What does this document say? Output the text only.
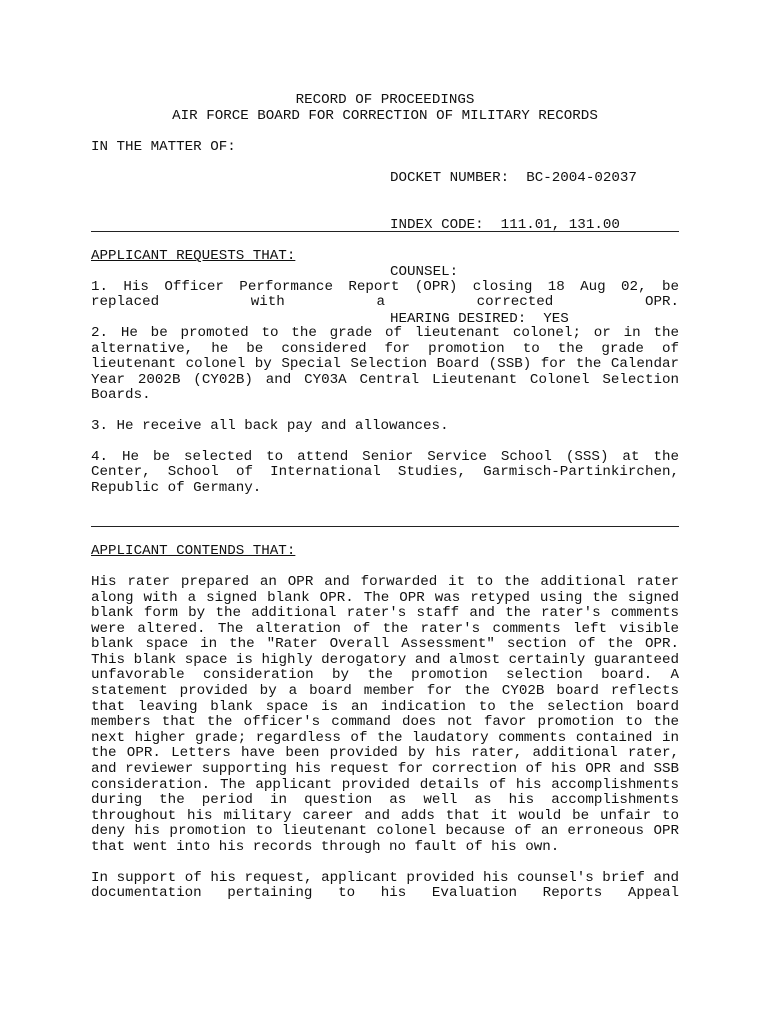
RECORD OF PROCEEDINGS
AIR FORCE BOARD FOR CORRECTION OF MILITARY RECORDS
IN THE MATTER OF:

DOCKET NUMBER:  BC-2004-02037

INDEX CODE:  111.01, 131.00

COUNSEL:

HEARING DESIRED:  YES

APPLICANT REQUESTS THAT:

1. His Officer Performance Report (OPR) closing 18 Aug 02, be replaced with a corrected OPR.

2. He be promoted to the grade of lieutenant colonel; or in the alternative, he be considered for promotion to the grade of lieutenant colonel by Special Selection Board (SSB) for the Calendar Year 2002B (CY02B) and CY03A Central Lieutenant Colonel Selection Boards.

3. He receive all back pay and allowances.

4. He be selected to attend Senior Service School (SSS) at the Center, School of International Studies, Garmisch-Partinkirchen, Republic of Germany.

APPLICANT CONTENDS THAT:

His rater prepared an OPR and forwarded it to the additional rater along with a signed blank OPR. The OPR was retyped using the signed blank form by the additional rater's staff and the rater's comments were altered. The alteration of the rater's comments left visible blank space in the "Rater Overall Assessment" section of the OPR. This blank space is highly derogatory and almost certainly guaranteed unfavorable consideration by the promotion selection board. A statement provided by a board member for the CY02B board reflects that leaving blank space is an indication to the selection board members that the officer's command does not favor promotion to the next higher grade; regardless of the laudatory comments contained in the OPR. Letters have been provided by his rater, additional rater, and reviewer supporting his request for correction of his OPR and SSB consideration. The applicant provided details of his accomplishments during the period in question as well as his accomplishments throughout his military career and adds that it would be unfair to deny his promotion to lieutenant colonel because of an erroneous OPR that went into his records through no fault of his own.

In support of his request, applicant provided his counsel's brief and documentation pertaining to his Evaluation Reports Appeal
